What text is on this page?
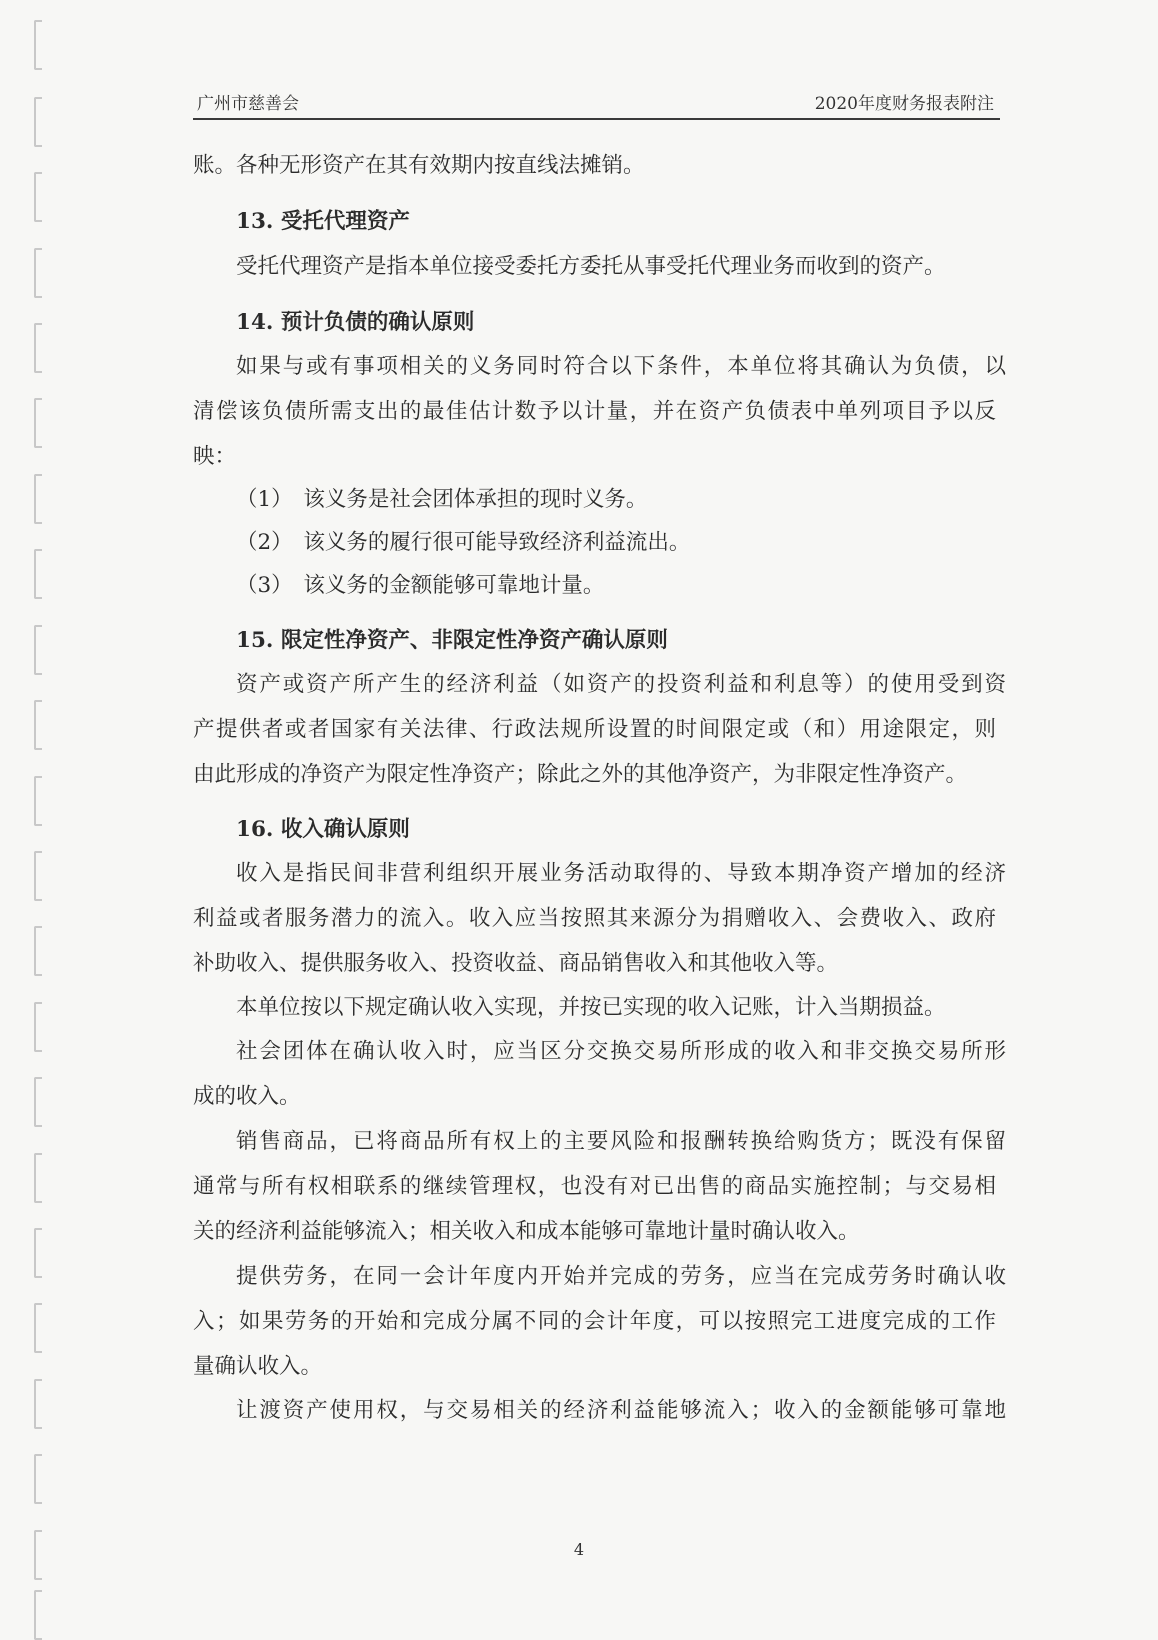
广州市慈善会	2020年度财务报表附注
账。各种无形资产在其有效期内按直线法摊销。
13. 受托代理资产
受托代理资产是指本单位接受委托方委托从事受托代理业务而收到的资产。
14. 预计负债的确认原则
如果与或有事项相关的义务同时符合以下条件，本单位将其确认为负债，以
清偿该负债所需支出的最佳估计数予以计量，并在资产负债表中单列项目予以反
映：
（1）　该义务是社会团体承担的现时义务。
（2）　该义务的履行很可能导致经济利益流出。
（3）　该义务的金额能够可靠地计量。
15. 限定性净资产、非限定性净资产确认原则
资产或资产所产生的经济利益（如资产的投资利益和利息等）的使用受到资
产提供者或者国家有关法律、行政法规所设置的时间限定或（和）用途限定，则
由此形成的净资产为限定性净资产；除此之外的其他净资产，为非限定性净资产。
16. 收入确认原则
收入是指民间非营利组织开展业务活动取得的、导致本期净资产增加的经济
利益或者服务潜力的流入。收入应当按照其来源分为捐赠收入、会费收入、政府
补助收入、提供服务收入、投资收益、商品销售收入和其他收入等。
本单位按以下规定确认收入实现，并按已实现的收入记账，计入当期损益。
社会团体在确认收入时，应当区分交换交易所形成的收入和非交换交易所形
成的收入。
销售商品，已将商品所有权上的主要风险和报酬转换给购货方；既没有保留
通常与所有权相联系的继续管理权，也没有对已出售的商品实施控制；与交易相
关的经济利益能够流入；相关收入和成本能够可靠地计量时确认收入。
提供劳务，在同一会计年度内开始并完成的劳务，应当在完成劳务时确认收
入；如果劳务的开始和完成分属不同的会计年度，可以按照完工进度完成的工作
量确认收入。
让渡资产使用权，与交易相关的经济利益能够流入；收入的金额能够可靠地
4
